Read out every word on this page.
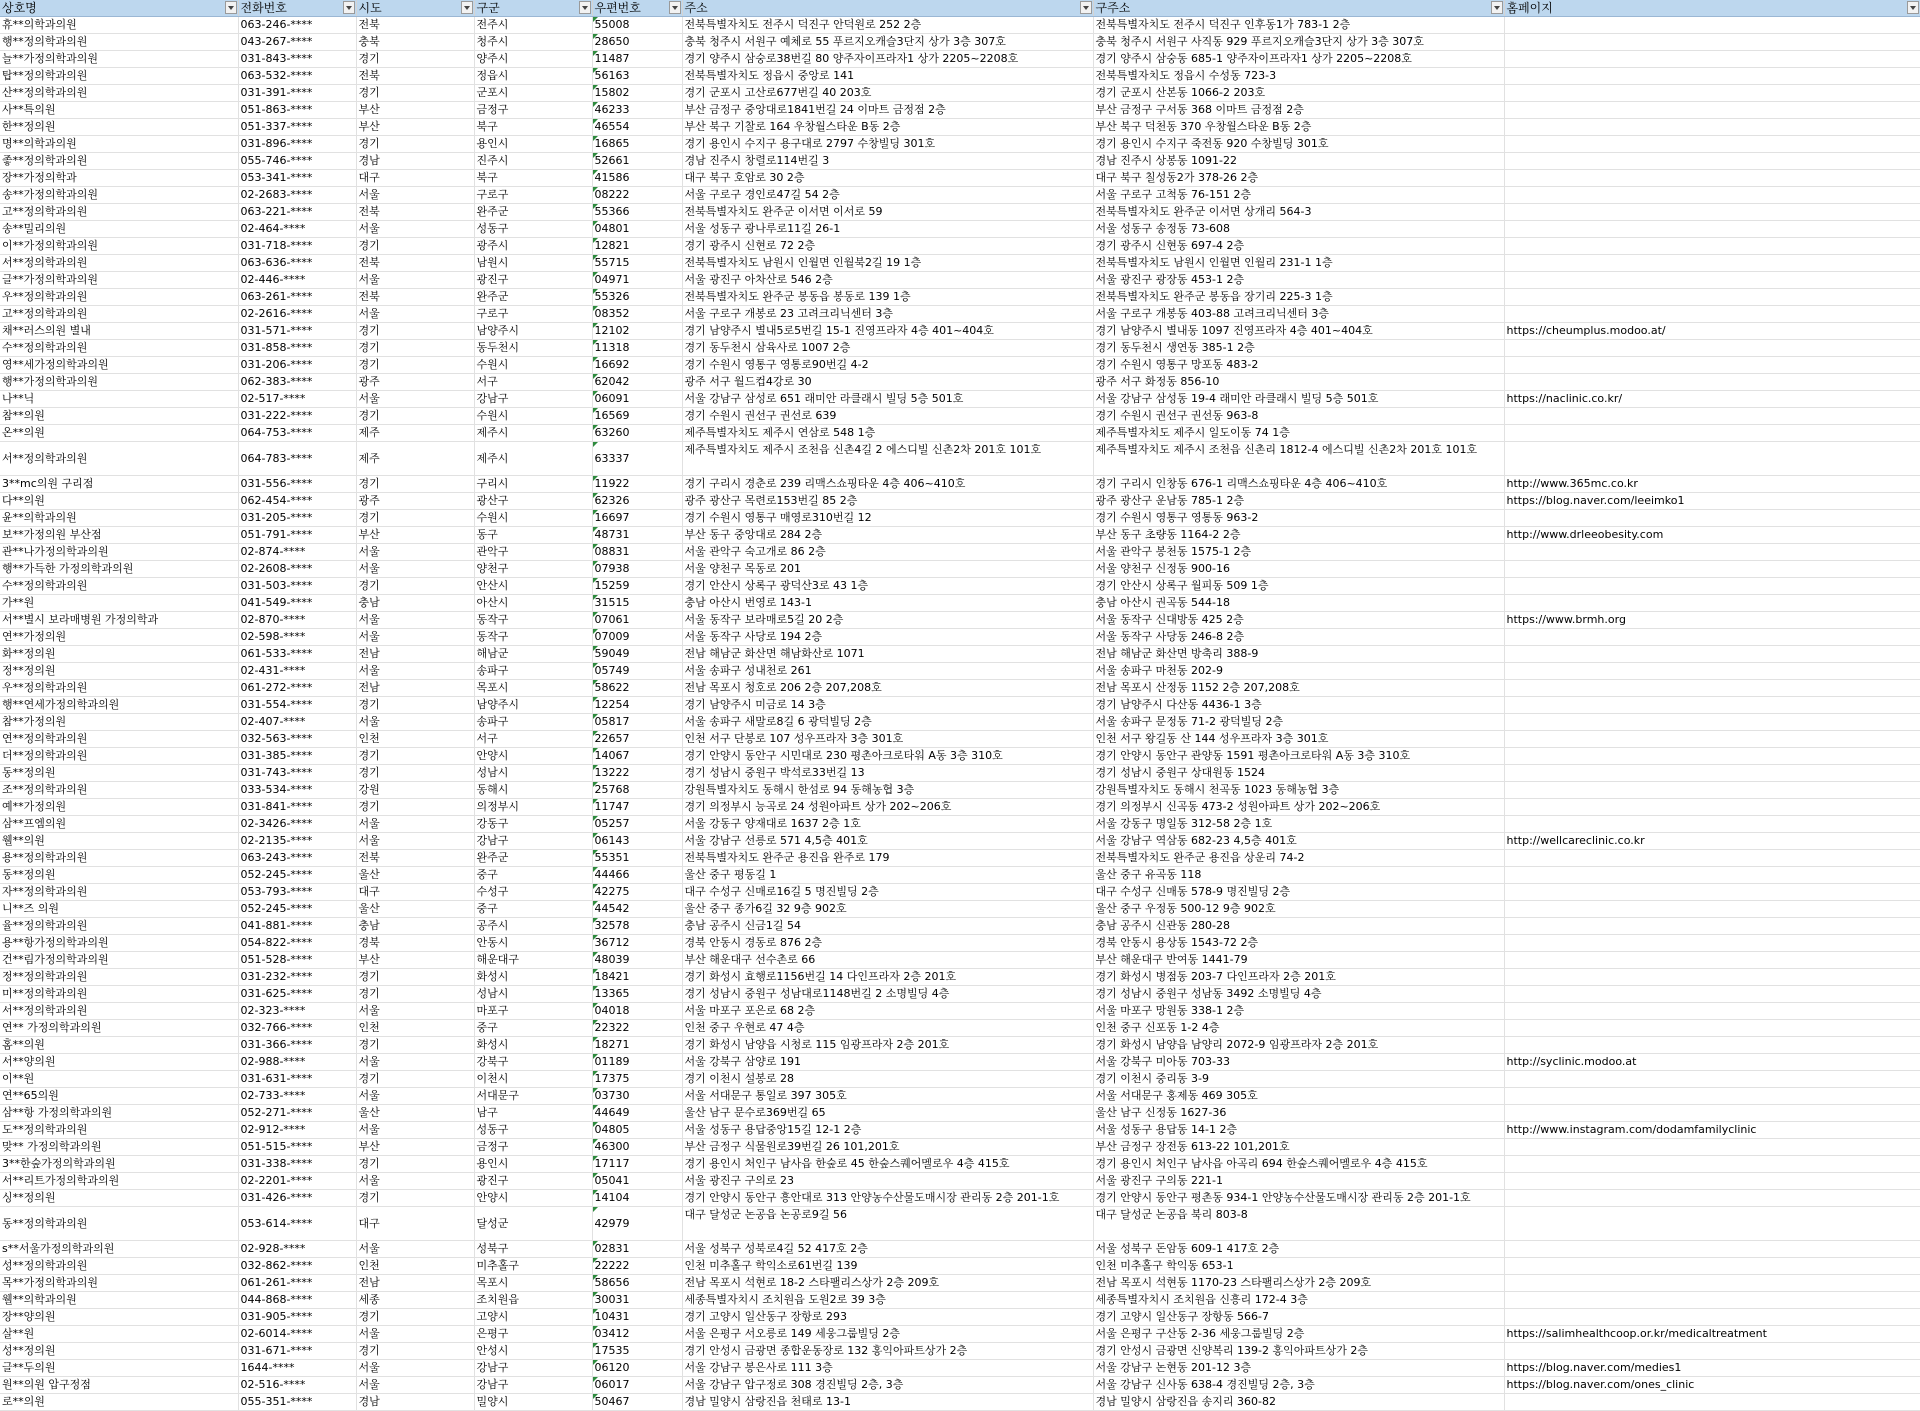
상호명	전화번호	시도	구군	우편번호	주소	구주소	홈페이지

휴**의학과의원	063-246-****	전북	전주시	55008	전북특별자치도 전주시 덕진구 안덕원로 252 2층	전북특별자치도 전주시 덕진구 인후동1가 783-1 2층	
행**정의학과의원	043-267-****	충북	청주시	28650	충북 청주시 서원구 예체로 55 푸르지오캐슬3단지 상가 3층 307호	충북 청주시 서원구 사직동 929 푸르지오캐슬3단지 상가 3층 307호	
늘**가정의학과의원	031-843-****	경기	양주시	11487	경기 양주시 삼숭로38번길 80 양주자이프라자1 상가 2205~2208호	경기 양주시 삼숭동 685-1 양주자이프라자1 상가 2205~2208호	
탑**정의학과의원	063-532-****	전북	정읍시	56163	전북특별자치도 정읍시 중앙로 141	전북특별자치도 정읍시 수성동 723-3	
산**정의학과의원	031-391-****	경기	군포시	15802	경기 군포시 고산로677번길 40 203호	경기 군포시 산본동 1066-2 203호	
사**특의원	051-863-****	부산	금정구	46233	부산 금정구 중앙대로1841번길 24 이마트 금정점 2층	부산 금정구 구서동 368 이마트 금정점 2층	
한**정의원	051-337-****	부산	북구	46554	부산 북구 기찰로 164 우창월스타운 B동 2층	부산 북구 덕천동 370 우창월스타운 B동 2층	
명**의학과의원	031-896-****	경기	용인시	16865	경기 용인시 수지구 용구대로 2797 수창빌딩 301호	경기 용인시 수지구 죽전동 920 수창빌딩 301호	
좋**정의학과의원	055-746-****	경남	진주시	52661	경남 진주시 창렬로114번길 3	경남 진주시 상봉동 1091-22	
장**가정의학과	053-341-****	대구	북구	41586	대구 북구 호암로 30 2층	대구 북구 칠성동2가 378-26 2층	
송**가정의학과의원	02-2683-****	서울	구로구	08222	서울 구로구 경인로47길 54 2층	서울 구로구 고척동 76-151 2층	
고**정의학과의원	063-221-****	전북	완주군	55366	전북특별자치도 완주군 이서면 이서로 59	전북특별자치도 완주군 이서면 상개리 564-3	
송**밀리의원	02-464-****	서울	성동구	04801	서울 성동구 광나루로11길 26-1	서울 성동구 송정동 73-608	
이**가정의학과의원	031-718-****	경기	광주시	12821	경기 광주시 신현로 72 2층	경기 광주시 신현동 697-4 2층	
서**정의학과의원	063-636-****	전북	남원시	55715	전북특별자치도 남원시 인월면 인월북2길 19 1층	전북특별자치도 남원시 인월면 인월리 231-1 1층	
글**가정의학과의원	02-446-****	서울	광진구	04971	서울 광진구 아차산로 546 2층	서울 광진구 광장동 453-1 2층	
우**정의학과의원	063-261-****	전북	완주군	55326	전북특별자치도 완주군 봉동읍 봉동로 139 1층	전북특별자치도 완주군 봉동읍 장기리 225-3 1층	
고**정의학과의원	02-2616-****	서울	구로구	08352	서울 구로구 개봉로 23 고려크리닉센터 3층	서울 구로구 개봉동 403-88 고려크리닉센터 3층	
채**러스의원 별내	031-571-****	경기	남양주시	12102	경기 남양주시 별내5로5번길 15-1 진영프라자 4층 401~404호	경기 남양주시 별내동 1097 진영프라자 4층 401~404호	https://cheumplus.modoo.at/
수**정의학과의원	031-858-****	경기	동두천시	11318	경기 동두천시 삼육사로 1007 2층	경기 동두천시 생연동 385-1 2층	
영**세가정의학과의원	031-206-****	경기	수원시	16692	경기 수원시 영통구 영통로90번길 4-2	경기 수원시 영통구 망포동 483-2	
행**가정의학과의원	062-383-****	광주	서구	62042	광주 서구 월드컵4강로 30	광주 서구 화정동 856-10	
나**닉	02-517-****	서울	강남구	06091	서울 강남구 삼성로 651 래미안 라클래시 빌딩 5층 501호	서울 강남구 삼성동 19-4 래미안 라클래시 빌딩 5층 501호	https://naclinic.co.kr/
참**의원	031-222-****	경기	수원시	16569	경기 수원시 권선구 권선로 639	경기 수원시 권선구 권선동 963-8	
온**의원	064-753-****	제주	제주시	63260	제주특별자치도 제주시 연삼로 548 1층	제주특별자치도 제주시 일도이동 74 1층	
서**정의학과의원	064-783-****	제주	제주시	63337	제주특별자치도 제주시 조천읍 신촌4길 2 에스디빌 신촌2차 201호 101호	제주특별자치도 제주시 조천읍 신촌리 1812-4 에스디빌 신촌2차 201호 101호	
3**mc의원 구리점	031-556-****	경기	구리시	11922	경기 구리시 경춘로 239 리맥스쇼핑타운 4층 406~410호	경기 구리시 인창동 676-1 리맥스쇼핑타운 4층 406~410호	http://www.365mc.co.kr
다**의원	062-454-****	광주	광산구	62326	광주 광산구 목련로153번길 85 2층	광주 광산구 운남동 785-1 2층	https://blog.naver.com/leeimko1
윤**의학과의원	031-205-****	경기	수원시	16697	경기 수원시 영통구 매영로310번길 12	경기 수원시 영통구 영통동 963-2	
보**가정의원 부산점	051-791-****	부산	동구	48731	부산 동구 중앙대로 284 2층	부산 동구 초량동 1164-2 2층	http://www.drleeobesity.com
관**나가정의학과의원	02-874-****	서울	관악구	08831	서울 관악구 숙고개로 86 2층	서울 관악구 봉천동 1575-1 2층	
행**가득한 가정의학과의원	02-2608-****	서울	양천구	07938	서울 양천구 목동로 201	서울 양천구 신정동 900-16	
수**정의학과의원	031-503-****	경기	안산시	15259	경기 안산시 상록구 광덕산3로 43 1층	경기 안산시 상록구 월피동 509 1층	
가**원	041-549-****	충남	아산시	31515	충남 아산시 번영로 143-1	충남 아산시 권곡동 544-18	
서**별시 보라매병원 가정의학과	02-870-****	서울	동작구	07061	서울 동작구 보라매로5길 20 2층	서울 동작구 신대방동 425 2층	https://www.brmh.org
연**가정의원	02-598-****	서울	동작구	07009	서울 동작구 사당로 194 2층	서울 동작구 사당동 246-8 2층	
화**정의원	061-533-****	전남	해남군	59049	전남 해남군 화산면 해남화산로 1071	전남 해남군 화산면 방축리 388-9	
정**정의원	02-431-****	서울	송파구	05749	서울 송파구 성내천로 261	서울 송파구 마천동 202-9	
우**정의학과의원	061-272-****	전남	목포시	58622	전남 목포시 청호로 206 2층 207,208호	전남 목포시 산정동 1152 2층 207,208호	
행**연세가정의학과의원	031-554-****	경기	남양주시	12254	경기 남양주시 미금로 14 3층	경기 남양주시 다산동 4436-1 3층	
참**가정의원	02-407-****	서울	송파구	05817	서울 송파구 새말로8길 6 광덕빌딩 2층	서울 송파구 문정동 71-2 광덕빌딩 2층	
연**정의학과의원	032-563-****	인천	서구	22657	인천 서구 단봉로 107 성우프라자 3층 301호	인천 서구 왕길동 산 144 성우프라자 3층 301호	
더**정의학과의원	031-385-****	경기	안양시	14067	경기 안양시 동안구 시민대로 230 평촌아크로타워 A동 3층 310호	경기 안양시 동안구 관양동 1591 평촌아크로타워 A동 3층 310호	
동**정의원	031-743-****	경기	성남시	13222	경기 성남시 중원구 박석로33번길 13	경기 성남시 중원구 상대원동 1524	
조**정의학과의원	033-534-****	강원	동해시	25768	강원특별자치도 동해시 한섬로 94 동해농협 3층	강원특별자치도 동해시 천곡동 1023 동해농협 3층	
예**가정의원	031-841-****	경기	의정부시	11747	경기 의정부시 능곡로 24 성원아파트 상가 202~206호	경기 의정부시 신곡동 473-2 성원아파트 상가 202~206호	
삼**프엠의원	02-3426-****	서울	강동구	05257	서울 강동구 양재대로 1637 2층 1호	서울 강동구 명일동 312-58 2층 1호	
웰**의원	02-2135-****	서울	강남구	06143	서울 강남구 선릉로 571 4,5층 401호	서울 강남구 역삼동 682-23 4,5층 401호	http://wellcareclinic.co.kr
용**정의학과의원	063-243-****	전북	완주군	55351	전북특별자치도 완주군 용진읍 완주로 179	전북특별자치도 완주군 용진읍 상운리 74-2	
동**정의원	052-245-****	울산	중구	44466	울산 중구 평동길 1	울산 중구 유곡동 118	
자**정의학과의원	053-793-****	대구	수성구	42275	대구 수성구 신매로16길 5 명진빌딩 2층	대구 수성구 신매동 578-9 명진빌딩 2층	
니**즈 의원	052-245-****	울산	중구	44542	울산 중구 종가6길 32 9층 902호	울산 중구 우정동 500-12 9층 902호	
율**정의학과의원	041-881-****	충남	공주시	32578	충남 공주시 신금1길 54	충남 공주시 신관동 280-28	
용**항가정의학과의원	054-822-****	경북	안동시	36712	경북 안동시 경동로 876 2층	경북 안동시 용상동 1543-72 2층	
건**림가정의학과의원	051-528-****	부산	해운대구	48039	부산 해운대구 선수촌로 66	부산 해운대구 반여동 1441-79	
정**정의학과의원	031-232-****	경기	화성시	18421	경기 화성시 효행로1156번길 14 다인프라자 2층 201호	경기 화성시 병점동 203-7 다인프라자 2층 201호	
미**정의학과의원	031-625-****	경기	성남시	13365	경기 성남시 중원구 성남대로1148번길 2 소명빌딩 4층	경기 성남시 중원구 성남동 3492 소명빌딩 4층	
서**정의학과의원	02-323-****	서울	마포구	04018	서울 마포구 포은로 68 2층	서울 마포구 망원동 338-1 2층	
연** 가정의학과의원	032-766-****	인천	중구	22322	인천 중구 우현로 47 4층	인천 중구 신포동 1-2 4층	
홈**의원	031-366-****	경기	화성시	18271	경기 화성시 남양읍 시청로 115 임광프라자 2층 201호	경기 화성시 남양읍 남양리 2072-9 임광프라자 2층 201호	
서**양의원	02-988-****	서울	강북구	01189	서울 강북구 삼양로 191	서울 강북구 미아동 703-33	http://syclinic.modoo.at
이**원	031-631-****	경기	이천시	17375	경기 이천시 설봉로 28	경기 이천시 중리동 3-9	
연**65의원	02-733-****	서울	서대문구	03730	서울 서대문구 통일로 397 305호	서울 서대문구 홍제동 469 305호	
삼**항 가정의학과의원	052-271-****	울산	남구	44649	울산 남구 문수로369번길 65	울산 남구 신정동 1627-36	
도**정의학과의원	02-912-****	서울	성동구	04805	서울 성동구 용답중앙15길 12-1 2층	서울 성동구 용답동 14-1 2층	http://www.instagram.com/dodamfamilyclinic
맞** 가정의학과의원	051-515-****	부산	금정구	46300	부산 금정구 식물원로39번길 26 101,201호	부산 금정구 장전동 613-22 101,201호	
3**한숲가정의학과의원	031-338-****	경기	용인시	17117	경기 용인시 처인구 남사읍 한숲로 45 한숲스퀘어멜로우 4층 415호	경기 용인시 처인구 남사읍 아곡리 694 한숲스퀘어멜로우 4층 415호	
서**리트가정의학과의원	02-2201-****	서울	광진구	05041	서울 광진구 구의로 23	서울 광진구 구의동 221-1	
싱**정의원	031-426-****	경기	안양시	14104	경기 안양시 동안구 흥안대로 313 안양농수산물도매시장 관리동 2층 201-1호	경기 안양시 동안구 평촌동 934-1 안양농수산물도매시장 관리동 2층 201-1호	
동**정의학과의원	053-614-****	대구	달성군	42979	대구 달성군 논공읍 논공로9길 56	대구 달성군 논공읍 북리 803-8	
s**서울가정의학과의원	02-928-****	서울	성북구	02831	서울 성북구 성북로4길 52 417호 2층	서울 성북구 돈암동 609-1 417호 2층	
성**정의학과의원	032-862-****	인천	미추홀구	22222	인천 미추홀구 학익소로61번길 139	인천 미추홀구 학익동 653-1	
목**가정의학과의원	061-261-****	전남	목포시	58656	전남 목포시 석현로 18-2 스타팰리스상가 2층 209호	전남 목포시 석현동 1170-23 스타팰리스상가 2층 209호	
웰**의학과의원	044-868-****	세종	조치원읍	30031	세종특별자치시 조치원읍 도원2로 39 3층	세종특별자치시 조치원읍 신흥리 172-4 3층	
장**양의원	031-905-****	경기	고양시	10431	경기 고양시 일산동구 장항로 293	경기 고양시 일산동구 장항동 566-7	
살**원	02-6014-****	서울	은평구	03412	서울 은평구 서오릉로 149 세웅그룹빌딩 2층	서울 은평구 구산동 2-36 세웅그룹빌딩 2층	https://salimhealthcoop.or.kr/medicaltreatment
성**정의원	031-671-****	경기	안성시	17535	경기 안성시 금광면 종합운동장로 132 홍익아파트상가 2층	경기 안성시 금광면 신양복리 139-2 홍익아파트상가 2층	
글**두의원	1644-****	서울	강남구	06120	서울 강남구 봉은사로 111 3층	서울 강남구 논현동 201-12 3층	https://blog.naver.com/medies1
원**의원 압구정점	02-516-****	서울	강남구	06017	서울 강남구 압구정로 308 경진빌딩 2층, 3층	서울 강남구 신사동 638-4 경진빌딩 2층, 3층	https://blog.naver.com/ones_clinic
로**의원	055-351-****	경남	밀양시	50467	경남 밀양시 삼랑진읍 천태로 13-1	경남 밀양시 삼랑진읍 송지리 360-82	
